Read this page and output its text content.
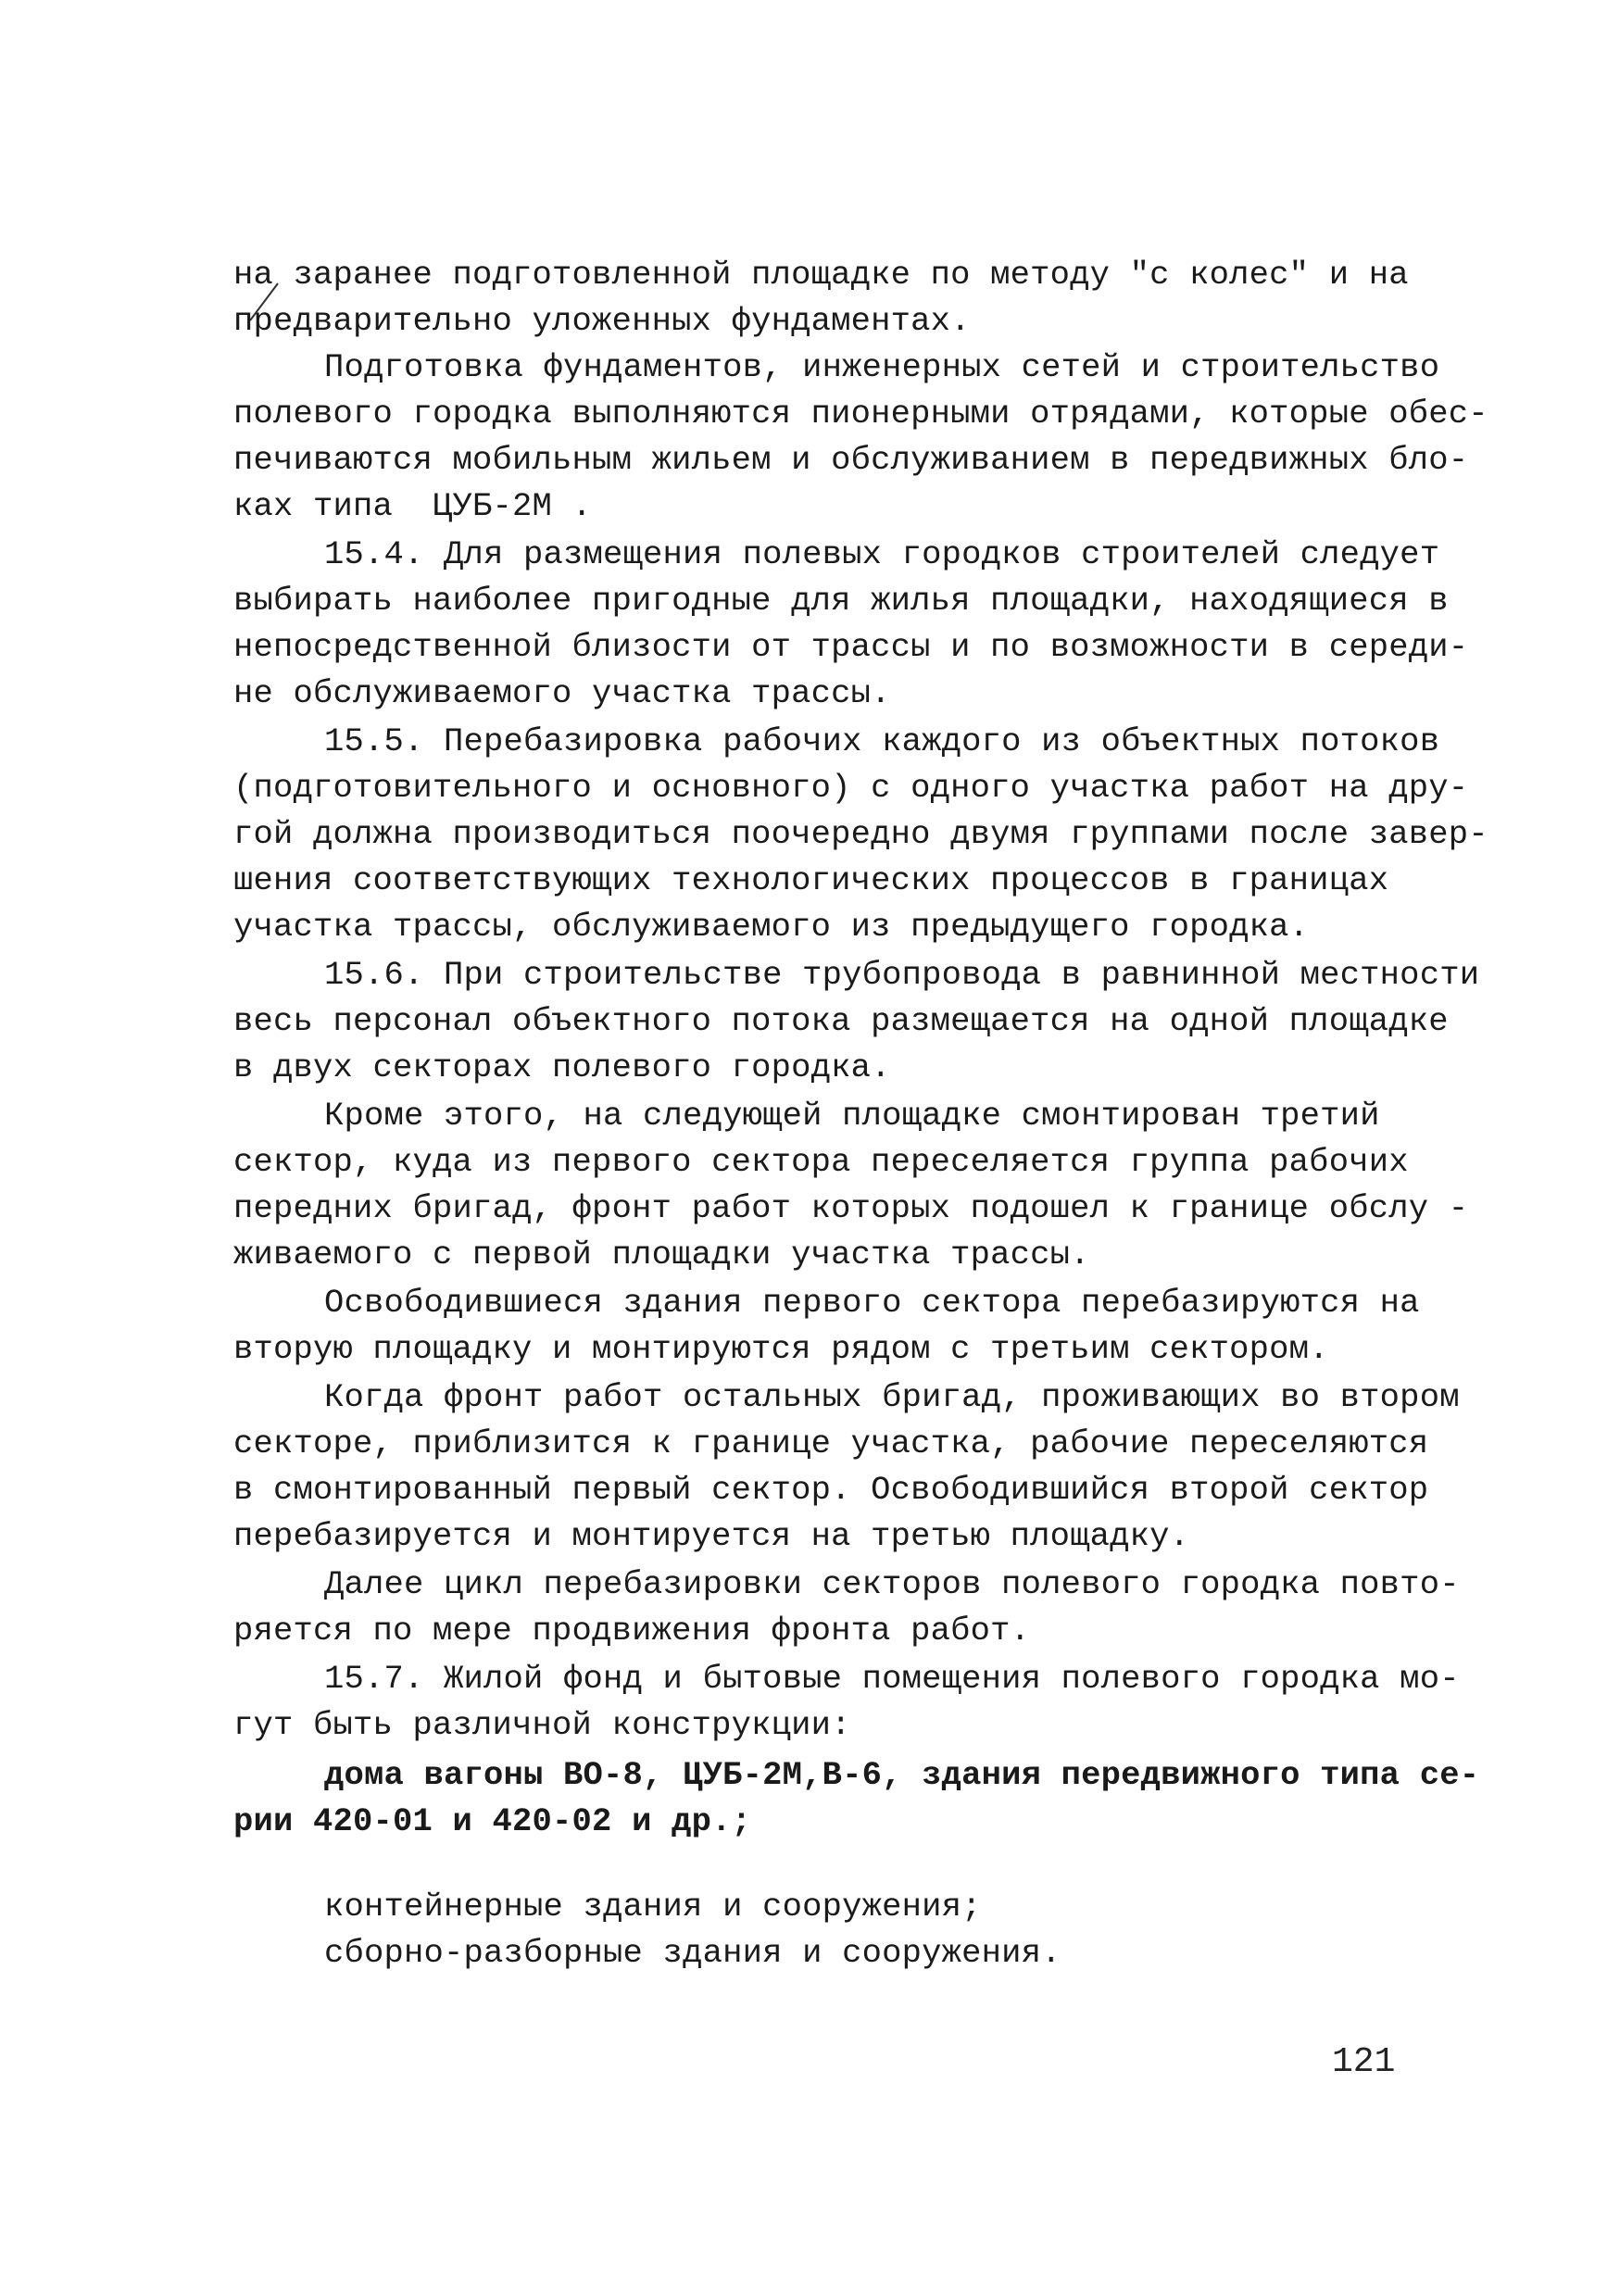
на заранее подготовленной площадке по методу "с колес" и на
предварительно уложенных фундаментах.
Подготовка фундаментов, инженерных сетей и строительство
полевого городка выполняются пионерными отрядами, которые обес-
печиваются мобильным жильем и обслуживанием в передвижных бло-
ках типа  ЦУБ-2М .
15.4. Для размещения полевых городков строителей следует
выбирать наиболее пригодные для жилья площадки, находящиеся в
непосредственной близости от трассы и по возможности в середи-
не обслуживаемого участка трассы.
15.5. Перебазировка рабочих каждого из объектных потоков
(подготовительного и основного) с одного участка работ на дру-
гой должна производиться поочередно двумя группами после завер-
шения соответствующих технологических процессов в границах
участка трассы, обслуживаемого из предыдущего городка.
15.6. При строительстве трубопровода в равнинной местности
весь персонал объектного потока размещается на одной площадке
в двух секторах полевого городка.
Кроме этого, на следующей площадке смонтирован третий
сектор, куда из первого сектора переселяется группа рабочих
передних бригад, фронт работ которых подошел к границе обслу -
живаемого с первой площадки участка трассы.
Освободившиеся здания первого сектора перебазируются на
вторую площадку и монтируются рядом с третьим сектором.
Когда фронт работ остальных бригад, проживающих во втором
секторе, приблизится к границе участка, рабочие переселяются
в смонтированный первый сектор. Освободившийся второй сектор
перебазируется и монтируется на третью площадку.
Далее цикл перебазировки секторов полевого городка повто-
ряется по мере продвижения фронта работ.
15.7. Жилой фонд и бытовые помещения полевого городка мо-
гут быть различной конструкции:
дома вагоны ВО-8, ЦУБ-2М,В-6, здания передвижного типа се-
рии 420-01 и 420-02 и др.;
контейнерные здания и сооружения;
сборно-разборные здания и сооружения.
121
